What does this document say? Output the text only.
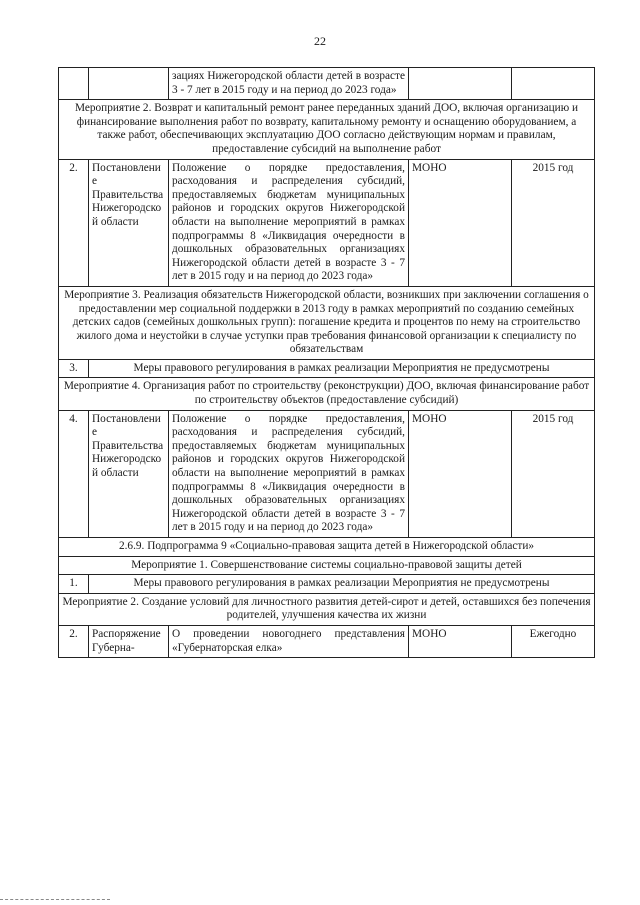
22
		зациях Нижегородской области детей в возрасте 3 - 7 лет в 2015 году и на период до 2023 года»		
Мероприятие 2. Возврат и капитальный ремонт ранее переданных зданий ДОО, включая организацию и финансирование выполнения работ по возврату, капитальному ремонту и оснащению оборудованием, а также работ, обеспечивающих эксплуатацию ДОО согласно действующим нормам и правилам, предоставление субсидий на выполнение работ				
2.	Постановление Правительства Нижегородской области	Положение о порядке предоставления, расходования и распределения субсидий, предоставляемых бюджетам муниципальных районов и городских округов Нижегородской области на выполнение мероприятий в рамках подпрограммы 8 «Ликвидация очередности в дошкольных образовательных организациях Нижегородской области детей в возрасте 3 - 7 лет в 2015 году и на период до 2023 года»	МОНО	2015 год
Мероприятие 3. Реализация обязательств Нижегородской области, возникших при заключении соглашения о предоставлении мер социальной поддержки в 2013 году в рамках мероприятий по созданию семейных детских садов (семейных дошкольных групп): погашение кредита и процентов по нему на строительство жилого дома и неустойки в случае уступки прав требования финансовой организации к специалисту по обязательствам				
3.	Меры правового регулирования в рамках реализации Мероприятия не предусмотрены			
Мероприятие 4. Организация работ по строительству (реконструкции) ДОО, включая финансирование работ по строительству объектов (предоставление субсидий)				
4.	Постановление Правительства Нижегородской области	Положение о порядке предоставления, расходования и распределения субсидий, предоставляемых бюджетам муниципальных районов и городских округов Нижегородской области на выполнение мероприятий в рамках подпрограммы 8 «Ликвидация очередности в дошкольных образовательных организациях Нижегородской области детей в возрасте 3 - 7 лет в 2015 году и на период до 2023 года»	МОНО	2015 год
2.6.9. Подпрограмма 9 «Социально-правовая защита детей в Нижегородской области»				
Мероприятие 1. Совершенствование системы социально-правовой защиты детей				
1.	Меры правового регулирования в рамках реализации Мероприятия не предусмотрены			
Мероприятие 2. Создание условий для личностного развития детей-сирот и детей, оставшихся без попечения родителей, улучшения качества их жизни				
2.	Распоряжение Губерна-	О проведении новогоднего представления «Губернаторская елка»	МОНО	Ежегодно
